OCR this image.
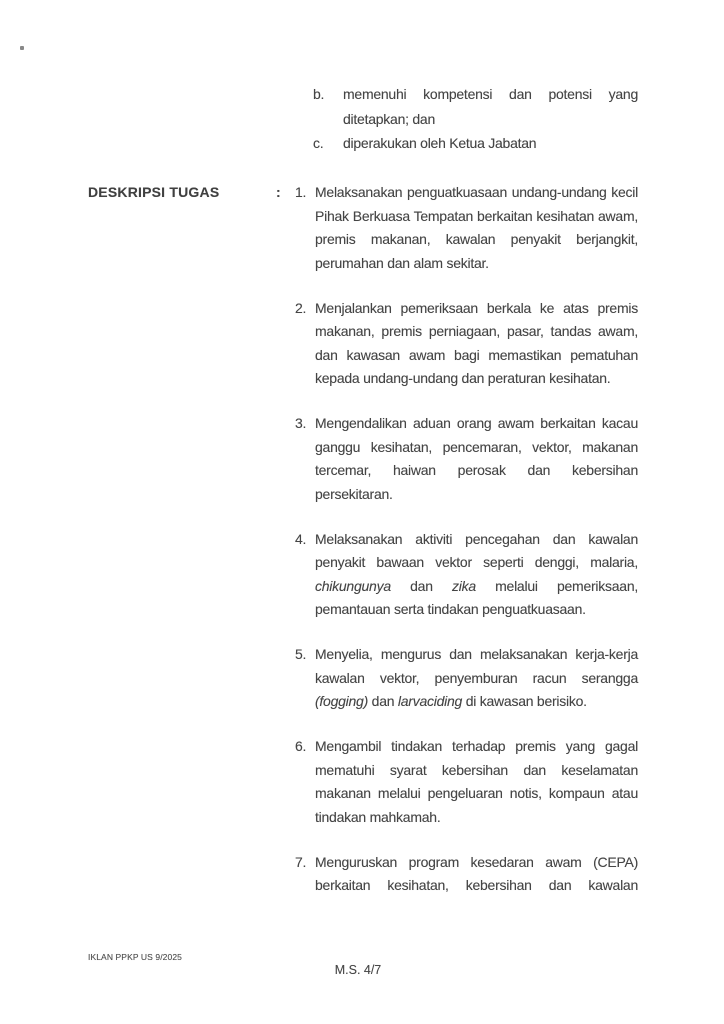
b.	memenuhi kompetensi dan potensi yang ditetapkan; dan
c.	diperakukan oleh Ketua Jabatan
DESKRIPSI TUGAS	: 1. Melaksanakan penguatkuasaan undang-undang kecil Pihak Berkuasa Tempatan berkaitan kesihatan awam, premis makanan, kawalan penyakit berjangkit, perumahan dan alam sekitar.
2. Menjalankan pemeriksaan berkala ke atas premis makanan, premis perniagaan, pasar, tandas awam, dan kawasan awam bagi memastikan pematuhan kepada undang-undang dan peraturan kesihatan.
3. Mengendalikan aduan orang awam berkaitan kacau ganggu kesihatan, pencemaran, vektor, makanan tercemar, haiwan perosak dan kebersihan persekitaran.
4. Melaksanakan aktiviti pencegahan dan kawalan penyakit bawaan vektor seperti denggi, malaria, chikungunya dan zika melalui pemeriksaan, pemantauan serta tindakan penguatkuasaan.
5. Menyelia, mengurus dan melaksanakan kerja-kerja kawalan vektor, penyemburan racun serangga (fogging) dan larvaciding di kawasan berisiko.
6. Mengambil tindakan terhadap premis yang gagal mematuhi syarat kebersihan dan keselamatan makanan melalui pengeluaran notis, kompaun atau tindakan mahkamah.
7. Menguruskan program kesedaran awam (CEPA) berkaitan kesihatan, kebersihan dan kawalan
IKLAN PPKP US 9/2025
M.S. 4/7
